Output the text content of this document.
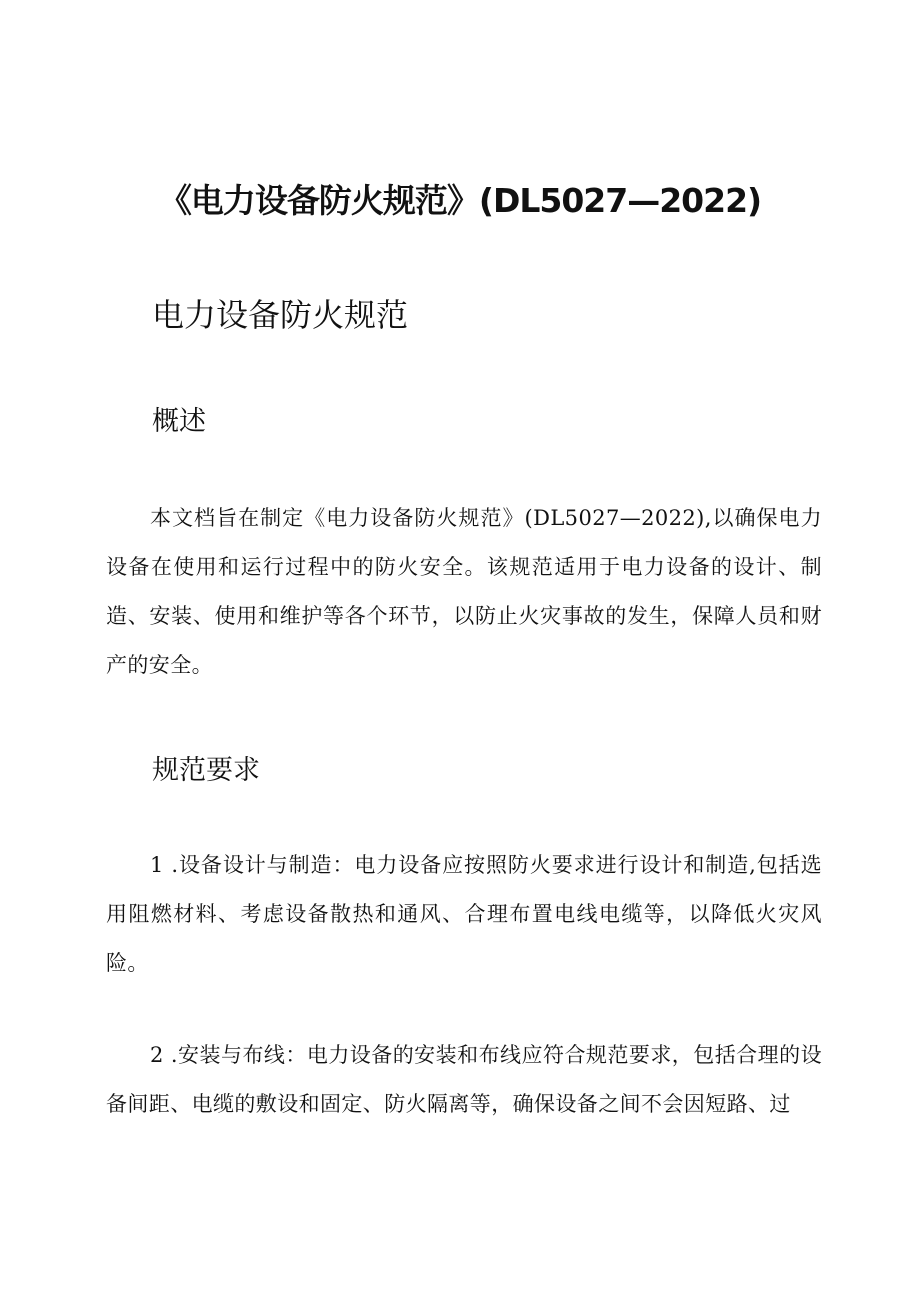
《电力设备防火规范》(DL5027—2022)
电力设备防火规范
概述

本文档旨在制定《电力设备防火规范》(DL5027—2022),以确保电力设备在使用和运行过程中的防火安全。该规范适用于电力设备的设计、制造、安装、使用和维护等各个环节，以防止火灾事故的发生，保障人员和财产的安全。

规范要求

1 .设备设计与制造：电力设备应按照防火要求进行设计和制造,包括选用阻燃材料、考虑设备散热和通风、合理布置电线电缆等，以降低火灾风险。

2 .安装与布线：电力设备的安装和布线应符合规范要求，包括合理的设备间距、电缆的敷设和固定、防火隔离等，确保设备之间不会因短路、过
